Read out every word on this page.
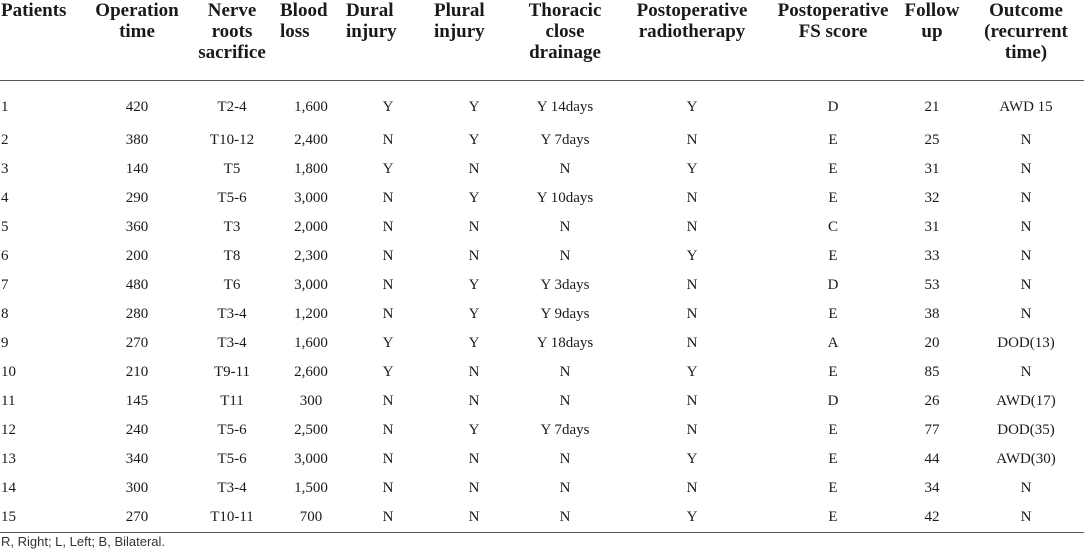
Patients	Operation time	Nerve roots sacrifice	Blood loss	Dural injury	Plural injury	Thoracic close drainage	Postoperative radiotherapy	Postoperative FS score	Follow up	Outcome (recurrent time)
1	420	T2-4	1,600	Y	Y	Y 14days	Y	D	21	AWD 15
2	380	T10-12	2,400	N	Y	Y 7days	N	E	25	N
3	140	T5	1,800	Y	N	N	Y	E	31	N
4	290	T5-6	3,000	N	Y	Y 10days	N	E	32	N
5	360	T3	2,000	N	N	N	N	C	31	N
6	200	T8	2,300	N	N	N	Y	E	33	N
7	480	T6	3,000	N	Y	Y 3days	N	D	53	N
8	280	T3-4	1,200	N	Y	Y 9days	N	E	38	N
9	270	T3-4	1,600	Y	Y	Y 18days	N	A	20	DOD(13)
10	210	T9-11	2,600	Y	N	N	Y	E	85	N
11	145	T11	300	N	N	N	N	D	26	AWD(17)
12	240	T5-6	2,500	N	Y	Y 7days	N	E	77	DOD(35)
13	340	T5-6	3,000	N	N	N	Y	E	44	AWD(30)
14	300	T3-4	1,500	N	N	N	N	E	34	N
15	270	T10-11	700	N	N	N	Y	E	42	N
R, Right; L, Left; B, Bilateral.
